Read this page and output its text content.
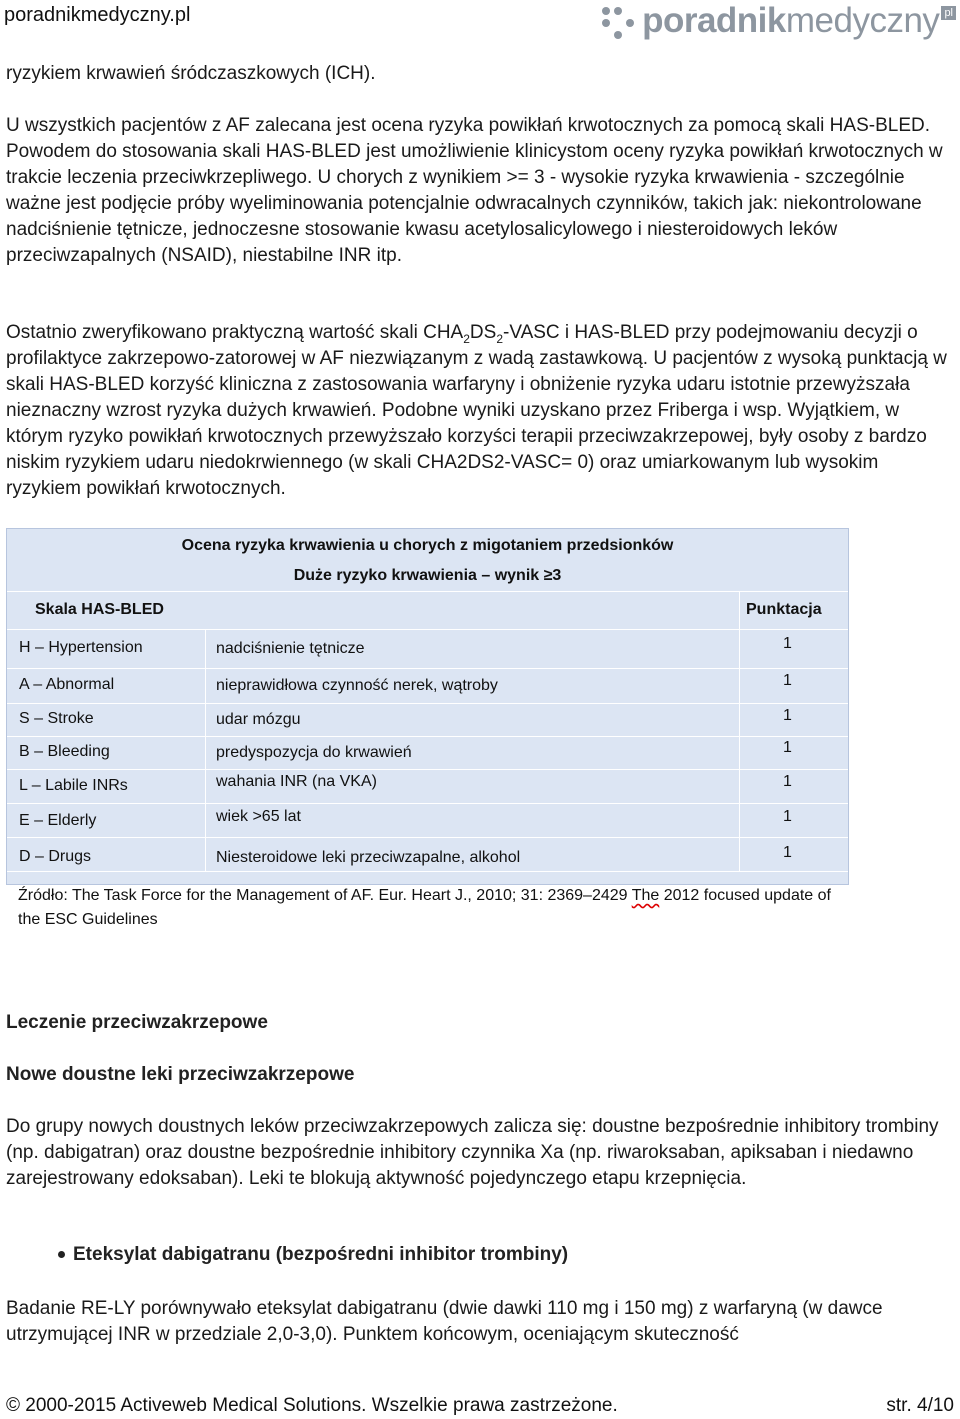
poradnikmedyczny.pl	poradnikmedyczny pl

ryzykiem krwawień śródczaszkowych (ICH).

U wszystkich pacjentów z AF zalecana jest ocena ryzyka powikłań krwotocznych za pomocą skali HAS-BLED. Powodem do stosowania skali HAS-BLED jest umożliwienie klinicystom oceny ryzyka powikłań krwotocznych w trakcie leczenia przeciwkrzepliwego. U chorych z wynikiem >= 3 - wysokie ryzyka krwawienia - szczególnie ważne jest podjęcie próby wyeliminowania potencjalnie odwracalnych czynników, takich jak: niekontrolowane nadciśnienie tętnicze, jednoczesne stosowanie kwasu acetylosalicylowego i niesteroidowych leków przeciwzapalnych (NSAID), niestabilne INR itp.

Ostatnio zweryfikowano praktyczną wartość skali $CHA_2DS_2$-VASC i HAS-BLED przy podejmowaniu decyzji o profilaktyce zakrzepowo-zatorowej w AF niezwiązanym z wadą zastawkową. U pacjentów z wysoką punktacją w skali HAS-BLED korzyść kliniczna z zastosowania warfaryny i obniżenie ryzyka udaru istotnie przewyższała nieznaczny wzrost ryzyka dużych krwawień. Podobne wyniki uzyskano przez Friberga i wsp. Wyjątkiem, w którym ryzyko powikłań krwotocznych przewyższało korzyści terapii przeciwzakrzepowej, były osoby z bardzo niskim ryzykiem udaru niedokrwiennego (w skali CHA2DS2-VASC= 0) oraz umiarkowanym lub wysokim ryzykiem powikłań krwotocznych.

Ocena ryzyka krwawienia u chorych z migotaniem przedsionków
Duże ryzyko krwawienia – wynik ≥3
Skala HAS-BLED	Punktacja
H – Hypertension	nadciśnienie tętnicze	1
A – Abnormal	nieprawidłowa czynność nerek, wątroby	1
S – Stroke	udar mózgu	1
B – Bleeding	predyspozycja do krwawień	1
L – Labile INRs	wahania INR (na VKA)	1
E – Elderly	wiek >65 lat	1
D – Drugs	Niesteroidowe leki przeciwzapalne, alkohol	1
Źródło: The Task Force for the Management of AF. Eur. Heart J., 2010; 31: 2369–2429 The 2012 focused update of the ESC Guidelines
Leczenie przeciwzakrzepowe
Nowe doustne leki przeciwzakrzepowe

Do grupy nowych doustnych leków przeciwzakrzepowych zalicza się: doustne bezpośrednie inhibitory trombiny (np. dabigatran) oraz doustne bezpośrednie inhibitory czynnika Xa (np. riwaroksaban, apiksaban i niedawno zarejestrowany edoksaban). Leki te blokują aktywność pojedynczego etapu krzepnięcia.

Eteksylat dabigatranu (bezpośredni inhibitor trombiny)

Badanie RE-LY porównywało eteksylat dabigatranu (dwie dawki 110 mg i 150 mg) z warfaryną (w dawce utrzymującej INR w przedziale 2,0-3,0). Punktem końcowym, oceniającym skuteczność

© 2000-2015 Activeweb Medical Solutions. Wszelkie prawa zastrzeżone.	str. 4/10
